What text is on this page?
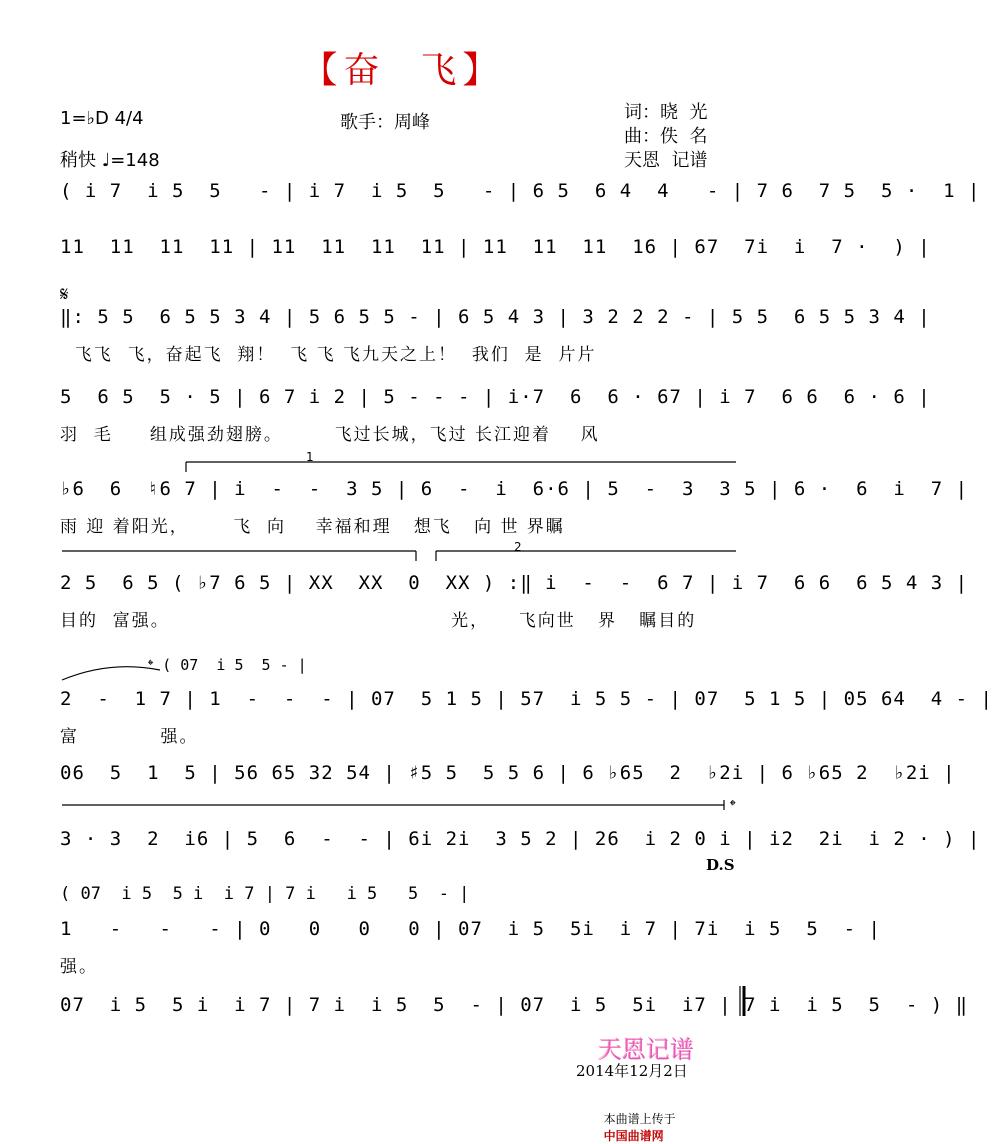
【奋  飞】
1=♭D 4/4	歌手：周峰	词：晓  光
曲：佚  名
稍快 ♩=148	天恩  记谱
( i 7  i 5  5   - | i 7  i 5  5   - | 6 5  6 4  4   - | 7 6  7 5  5 ·  1 |
11  11  11  11 | 11  11  11  11 | 11  11  11  16 | 67  7i  i  7 ·  ) |
𝄋
‖: 5 5  6 5 5 3 4 | 5 6 5 5 - | 6 5 4 3 | 3 2 2 2 - | 5 5  6 5 5 3 4 |
飞飞  飞，奋起飞  翔！  飞 飞 飞九天之上！  我们  是  片片
5  6 5  5 · 5 | 6 7 i 2 | 5 - - - | i·7  6  6 · 67 | i 7  6 6  6 · 6 |
羽  毛     组成强劲翅膀。       飞过长城，飞过 长江迎着    风
1
2
♭6  6  ♮6 7 | i  -  -  3 5 | 6  -  i  6·6 | 5  -  3  3 5 | 6 ·  6  i  7 |
雨 迎 着阳光，      飞  向    幸福和理   想飞   向 世 界瞩
2 5  6 5 ( ♭7 6 5 | XX  XX  0  XX ) :‖ i  -  -  6 7 | i 7  6 6  6 5 4 3 |
目的  富强。                                      光，    飞向世   界   瞩目的
𝄌 ( 07  i 5  5 - |
2  -  1 7 | 1  -  -  - | 07  5 1 5 | 57  i 5 5 - | 07  5 1 5 | 05 64  4 - |
富           强。
06  5  1  5 | 56 65 32 54 | ♯5 5  5 5 6 | 6 ♭65  2  ♭2i | 6 ♭65 2  ♭2i |
𝄌
3 · 3  2  i6 | 5  6  -  - | 6i 2i  3 5 2 | 26  i 2 0 i | i2  2i  i 2 · ) |
D.S
( 07  i 5  5 i  i 7 | 7 i   i 5   5  - |
1   -   -   - | 0   0   0   0 | 07  i 5  5i  i 7 | 7i  i 5  5  - |
强。
07  i 5  5 i  i 7 | 7 i  i 5  5  - | 07  i 5  5i  i7 | 7 i  i 5  5  - ) ‖
天恩记谱
2014年12月2日

本曲谱上传于
中国曲谱网
